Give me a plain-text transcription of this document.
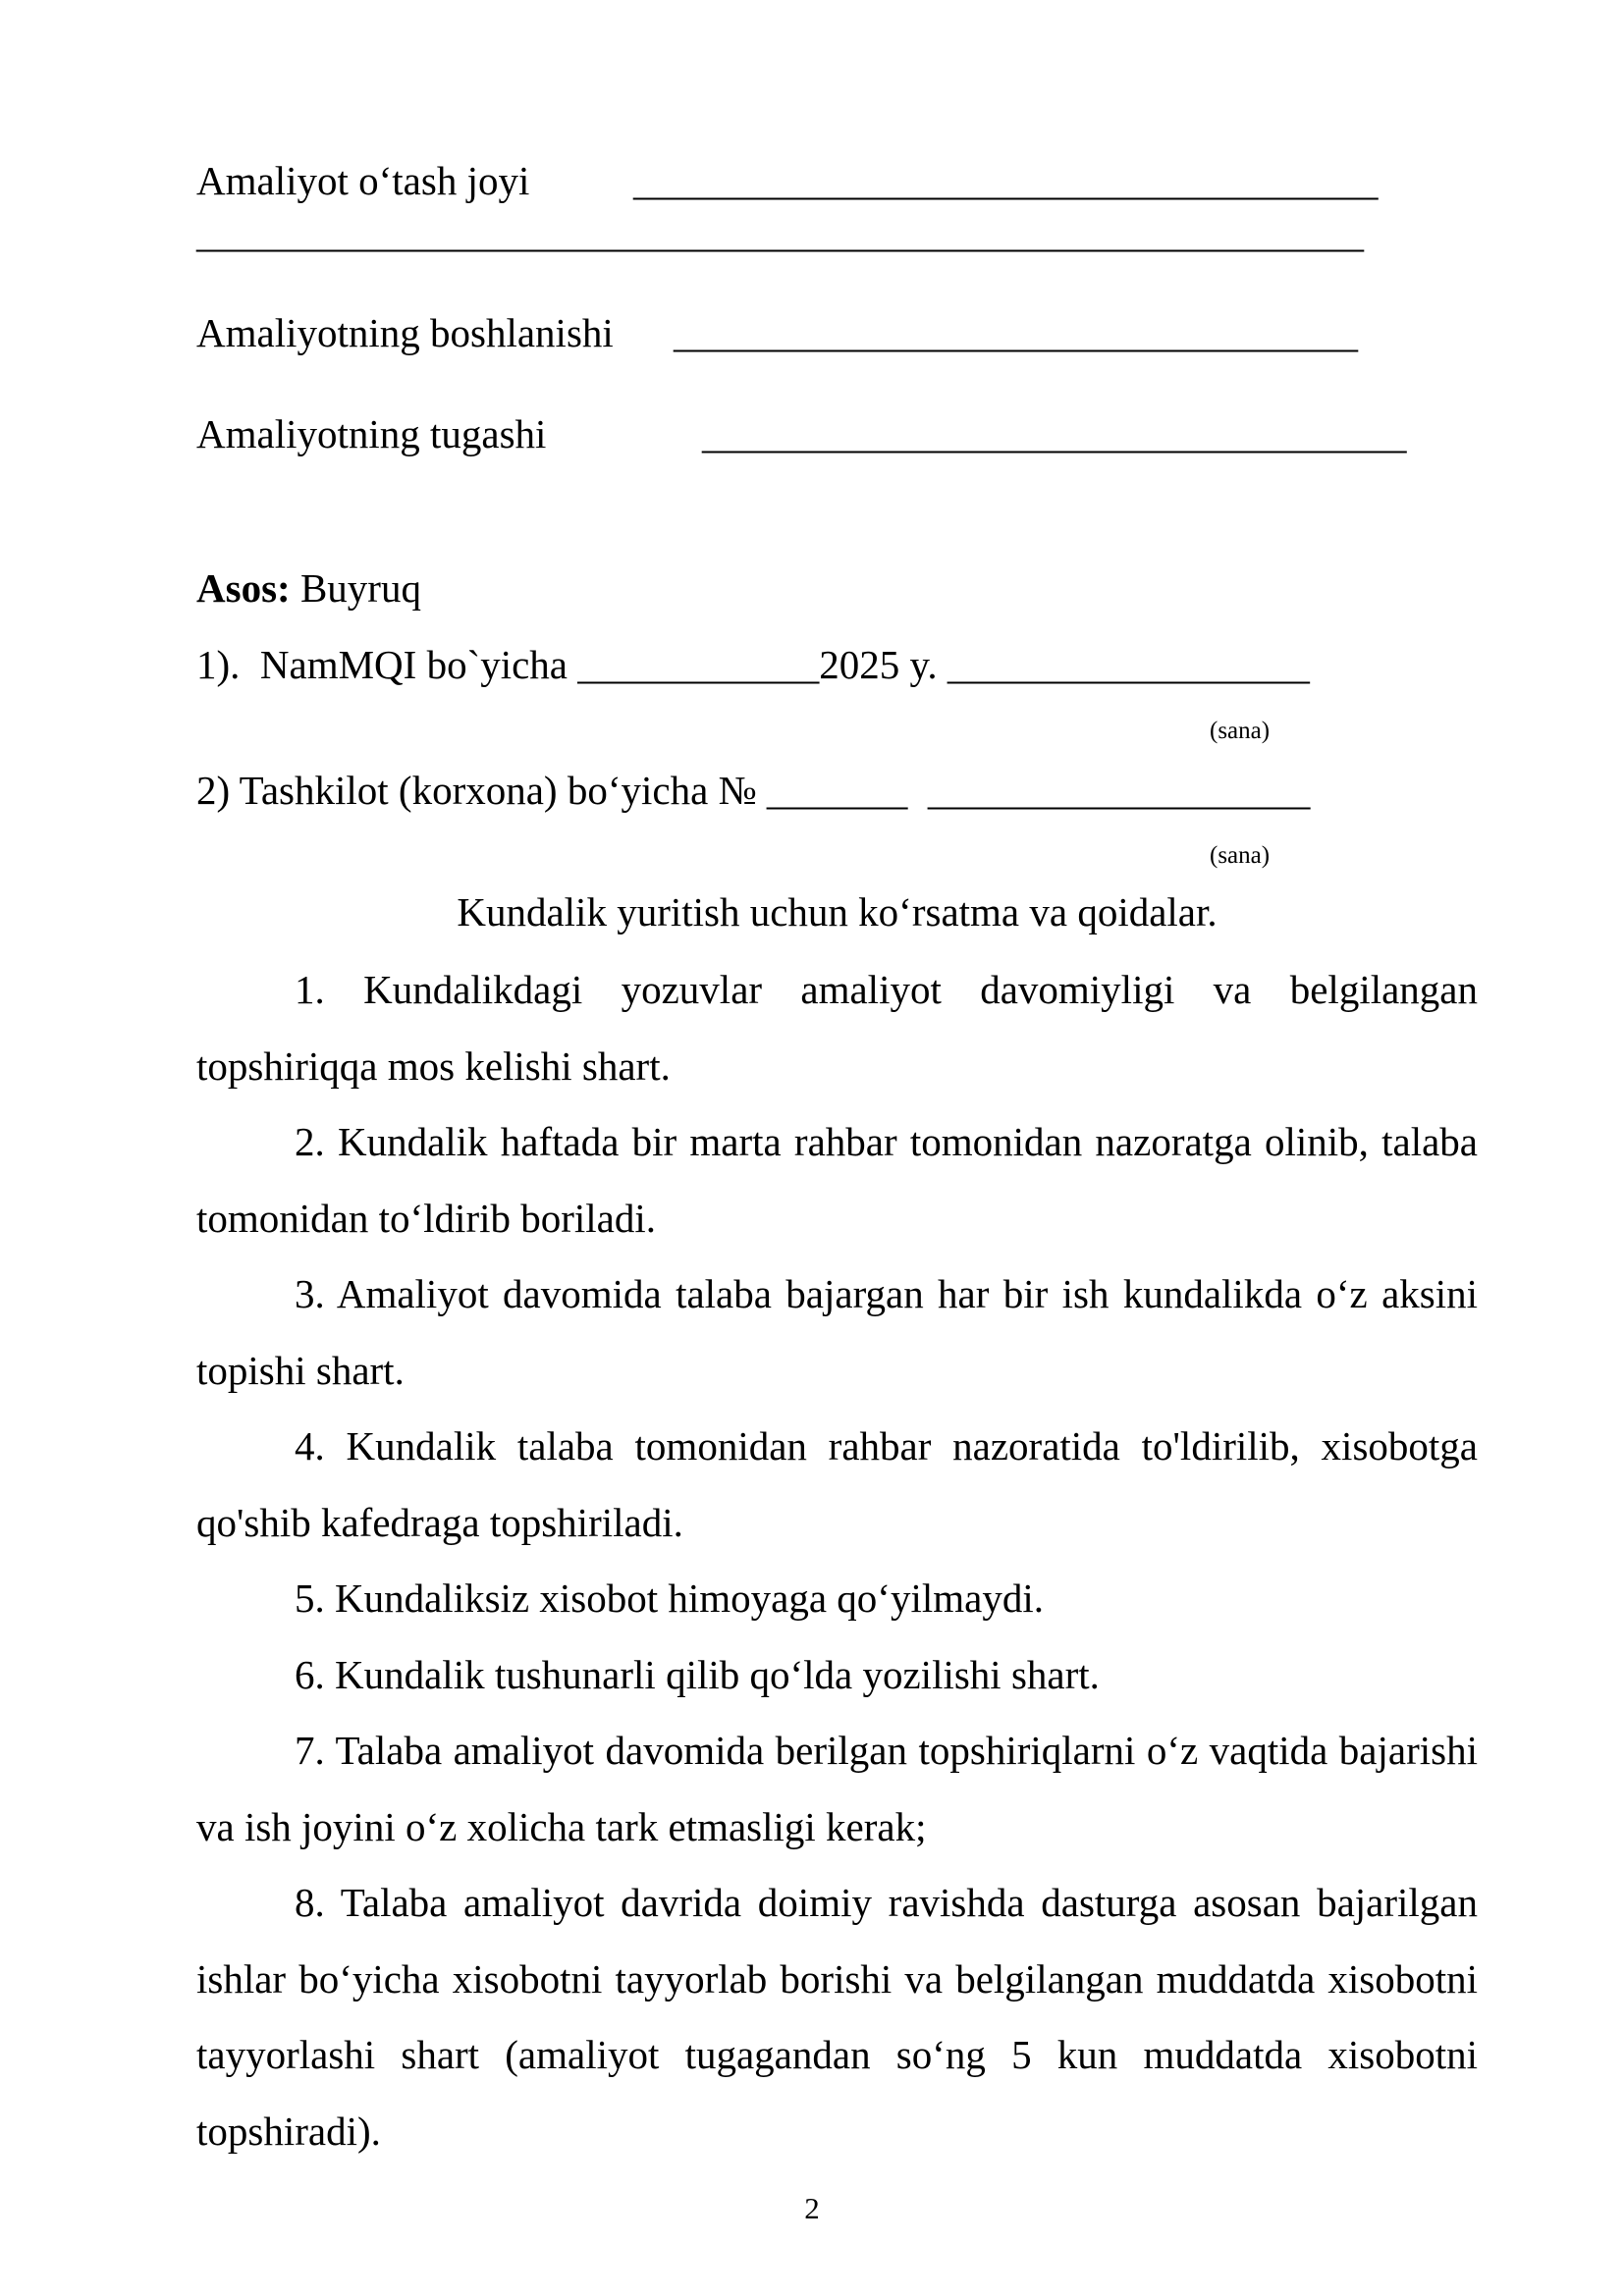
Amaliyot o‘tash joyi	_____________________________________
__________________________________________________________
Amaliyotning boshlanishi __________________________________
Amaliyotning tugashi	___________________________________
Asos: Buyruq
1).  NamMQI bo`yicha ____________2025 y. __________________
(sana)
2) Tashkilot (korxona) bo‘yicha № _______  ___________________
(sana)
Kundalik yuritish uchun ko‘rsatma va qoidalar.
1. Kundalikdagi yozuvlar amaliyot davomiyligi va belgilangan topshiriqqa mos kelishi shart.
2. Kundalik haftada bir marta rahbar tomonidan nazoratga olinib, talaba tomonidan to‘ldirib boriladi.
3. Amaliyot davomida talaba bajargan har bir ish kundalikda o‘z aksini topishi shart.
4. Kundalik talaba tomonidan rahbar nazoratida to'ldirilib, xisobotga qo'shib kafedraga topshiriladi.
5. Kundaliksiz xisobot himoyaga qo‘yilmaydi.
6. Kundalik tushunarli qilib qo‘lda yozilishi shart.
7. Talaba amaliyot davomida berilgan topshiriqlarni o‘z vaqtida bajarishi va ish joyini o‘z xolicha tark etmasligi kerak;
8. Talaba amaliyot davrida doimiy ravishda dasturga asosan bajarilgan ishlar bo‘yicha xisobotni tayyorlab borishi va belgilangan muddatda xisobotni tayyorlashi shart (amaliyot tugagandan so‘ng 5 kun muddatda xisobotni topshiradi).
2
